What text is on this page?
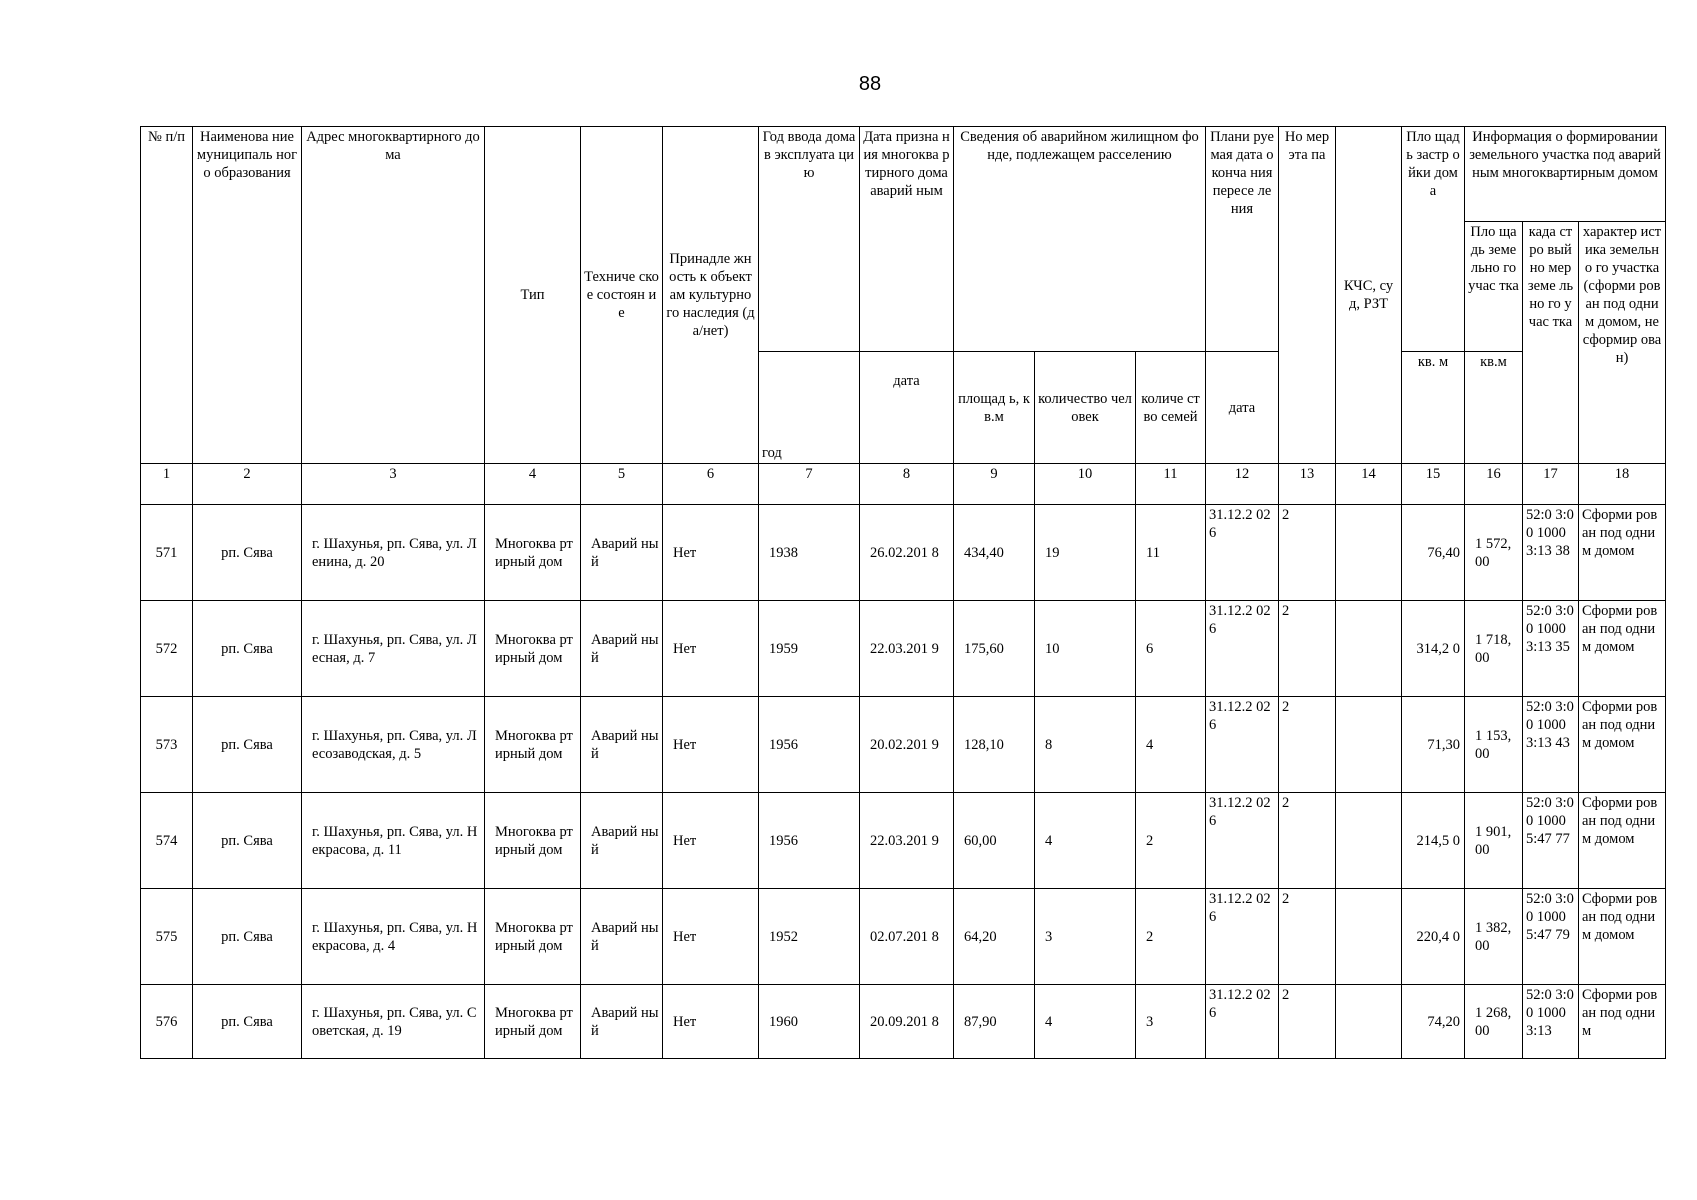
88
№ п/п	Наименова ние муниципаль ного образования	Адрес многоквартирного дома	Тип	Техниче ское состоян ие	Принадле жность к объектам культурно го наследия (да/нет)	Год ввода дома в эксплуата цию	Дата призна ния многоква ртирного дома аварий ным	Сведения об аварийном жилищном фонде, подлежащем расселению			Плани руемая дата оконча ния пересе ления	Но мер эта па	КЧС, суд, РЗТ	Пло щадь застр ойки дома	Информация о формировании земельного участка под аварийным многоквартирным домом		
															Пло щадь земе льно го учас тка	када стро вый но мер земе льно го учас тка	характер истика земельно го участка (сформи рован под одним домом, не сформир ован)
						год	дата	площад ь, кв.м	количество человек	количе ство семей	дата			кв. м	кв.м		
1	2	3	4	5	6	7	8	9	10	11	12	13	14	15	16	17	18
571	рп. Сява	г. Шахунья, рп. Сява, ул. Ленина, д. 20	Многоква ртирный дом	Аварий ный	Нет	1938	26.02.201 8	434,40	19	11	31.12.2 026	2		76,40	1 572, 00	52:0 3:00 1000 3:13 38	Сформи рован под одним домом
572	рп. Сява	г. Шахунья, рп. Сява, ул. Лесная, д. 7	Многоква ртирный дом	Аварий ный	Нет	1959	22.03.201 9	175,60	10	6	31.12.2 026	2		314,2 0	1 718, 00	52:0 3:00 1000 3:13 35	Сформи рован под одним домом
573	рп. Сява	г. Шахунья, рп. Сява, ул. Лесозаводская, д. 5	Многоква ртирный дом	Аварий ный	Нет	1956	20.02.201 9	128,10	8	4	31.12.2 026	2		71,30	1 153, 00	52:0 3:00 1000 3:13 43	Сформи рован под одним домом
574	рп. Сява	г. Шахунья, рп. Сява, ул. Некрасова, д. 11	Многоква ртирный дом	Аварий ный	Нет	1956	22.03.201 9	60,00	4	2	31.12.2 026	2		214,5 0	1 901, 00	52:0 3:00 1000 5:47 77	Сформи рован под одним домом
575	рп. Сява	г. Шахунья, рп. Сява, ул. Некрасова, д. 4	Многоква ртирный дом	Аварий ный	Нет	1952	02.07.201 8	64,20	3	2	31.12.2 026	2		220,4 0	1 382, 00	52:0 3:00 1000 5:47 79	Сформи рован под одним домом
576	рп. Сява	г. Шахунья, рп. Сява, ул. Советская, д. 19	Многоква ртирный дом	Аварий ный	Нет	1960	20.09.201 8	87,90	4	3	31.12.2 026	2		74,20	1 268, 00	52:0 3:00 1000 3:13	Сформи рован под одним
